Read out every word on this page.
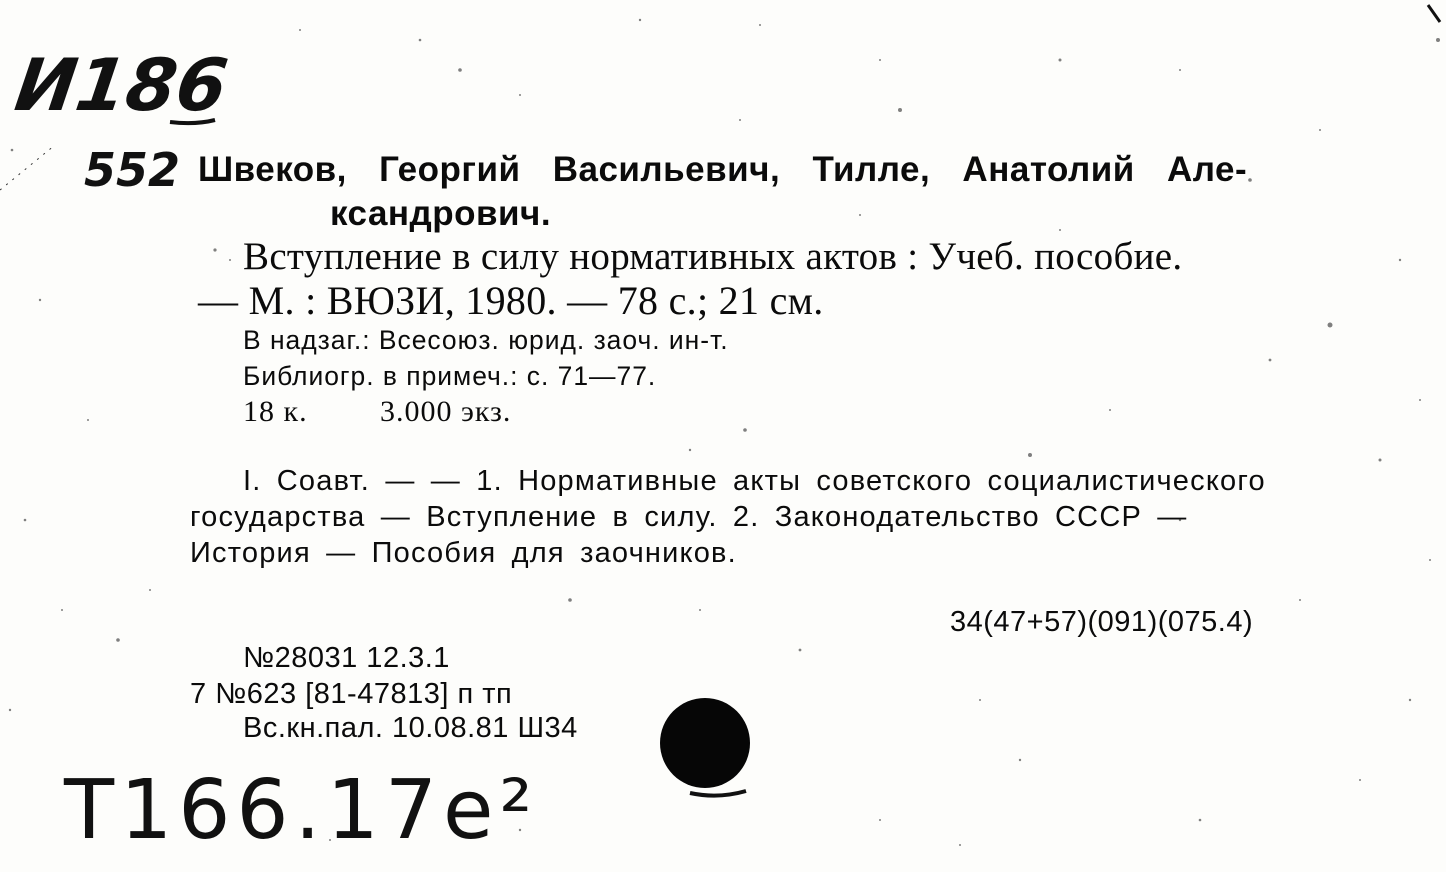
И186
552 Швеков, Георгий Васильевич, Тилле, Анатолий Але-
ксандрович.
Вступление в силу нормативных актов : Учеб. пособие.
— М. : ВЮЗИ, 1980. — 78 с.; 21 см.
В надзаг.: Всесоюз. юрид. заоч. ин-т.
Библиогр. в примеч.: с. 71—77.
18 к. 3.000 экз.
I. Соавт. — — 1. Нормативные акты советского социалистического
государства — Вступление в силу. 2. Законодательство СССР —
История — Пособия для заочников.
34(47+57)(091)(075.4)
№28031 12.3.1
7 №623 [81-47813] п тп
Вс.кн.пал. 10.08.81 Ш34
Т166.17е²
